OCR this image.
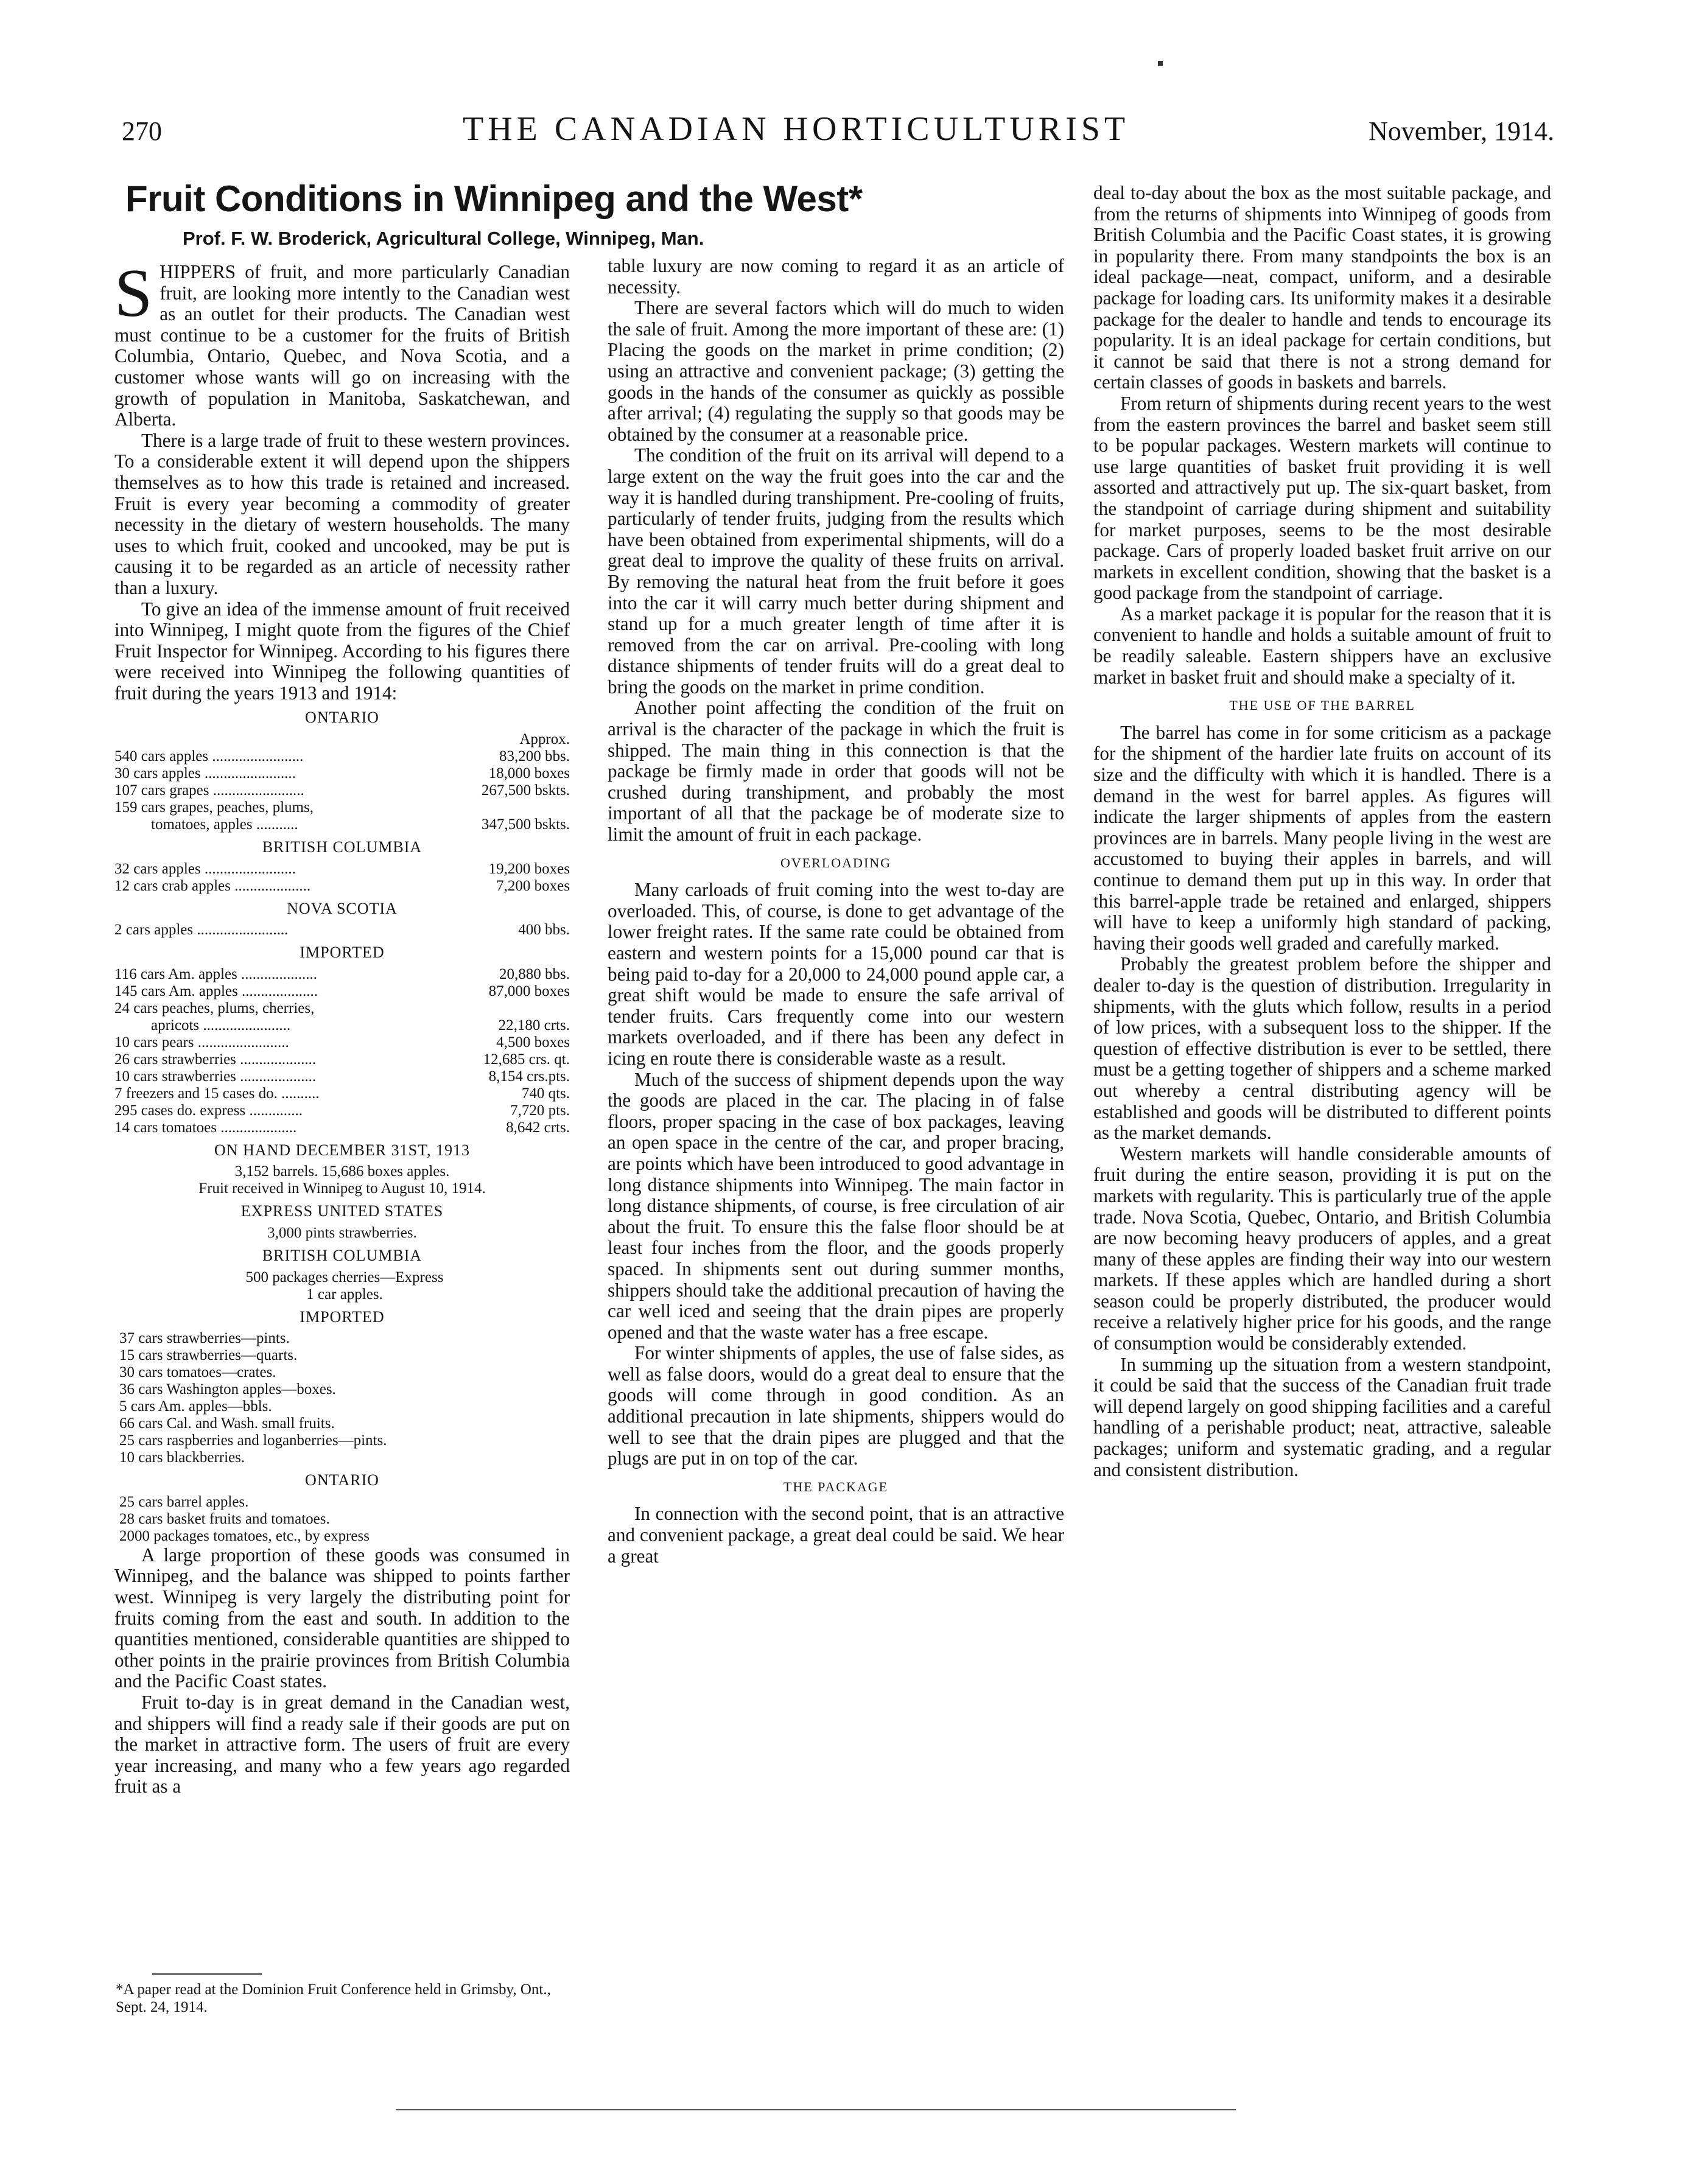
270	THE CANADIAN HORTICULTURIST	November, 1914.
Fruit Conditions in Winnipeg and the West*
Prof. F. W. Broderick, Agricultural College, Winnipeg, Man.

SHIPPERS of fruit, and more particularly Canadian fruit, are looking more intently to the Canadian west as an outlet for their products. The Canadian west must continue to be a customer for the fruits of British Columbia, Ontario, Quebec, and Nova Scotia, and a customer whose wants will go on increasing with the growth of population in Manitoba, Saskatchewan, and Alberta.

There is a large trade of fruit to these western provinces. To a considerable extent it will depend upon the shippers themselves as to how this trade is retained and increased. Fruit is every year becoming a commodity of greater necessity in the dietary of western households. The many uses to which fruit, cooked and uncooked, may be put is causing it to be regarded as an article of necessity rather than a luxury.

To give an idea of the immense amount of fruit received into Winnipeg, I might quote from the figures of the Chief Fruit Inspector for Winnipeg. According to his figures there were received into Winnipeg the following quantities of fruit during the years 1913 and 1914:

ONTARIO
	Approx.
540 cars apples ........................	83,200 bbs.
30 cars apples ........................	18,000 boxes
107 cars grapes ........................	267,500 bskts.
159 cars grapes, peaches, plums,	
tomatoes, apples ...........	347,500 bskts.
BRITISH COLUMBIA
32 cars apples ........................	19,200 boxes
12 cars crab apples ....................	7,200 boxes
NOVA SCOTIA
2 cars apples ........................	400 bbs.
IMPORTED
116 cars Am. apples ....................	20,880 bbs.
145 cars Am. apples ....................	87,000 boxes
24 cars peaches, plums, cherries,	
apricots .......................	22,180 crts.
10 cars pears ........................	4,500 boxes
26 cars strawberries ....................	12,685 crs. qt.
10 cars strawberries ....................	8,154 crs.pts.
7 freezers and 15 cases do. ..........	740 qts.
295 cases do. express ..............	7,720 pts.
14 cars tomatoes ....................	8,642 crts.
ON HAND DECEMBER 31ST, 1913
3,152 barrels. 15,686 boxes apples.
Fruit received in Winnipeg to August 10, 1914.
EXPRESS UNITED STATES
3,000 pints strawberries.
BRITISH COLUMBIA
500 packages cherries—Express
1 car apples.
IMPORTED
37 cars strawberries—pints.
15 cars strawberries—quarts.
30 cars tomatoes—crates.
36 cars Washington apples—boxes.
5 cars Am. apples—bbls.
66 cars Cal. and Wash. small fruits.
25 cars raspberries and loganberries—pints.
10 cars blackberries.
ONTARIO
25 cars barrel apples.
28 cars basket fruits and tomatoes.
2000 packages tomatoes, etc., by express

A large proportion of these goods was consumed in Winnipeg, and the balance was shipped to points farther west. Winnipeg is very largely the distributing point for fruits coming from the east and south. In addition to the quantities mentioned, considerable quantities are shipped to other points in the prairie provinces from British Columbia and the Pacific Coast states.

Fruit to-day is in great demand in the Canadian west, and shippers will find a ready sale if their goods are put on the market in attractive form. The users of fruit are every year increasing, and many who a few years ago regarded fruit as a

*A paper read at the Dominion Fruit Conference held in Grimsby, Ont., Sept. 24, 1914.

table luxury are now coming to regard it as an article of necessity.

There are several factors which will do much to widen the sale of fruit. Among the more important of these are: (1) Placing the goods on the market in prime condition; (2) using an attractive and convenient package; (3) getting the goods in the hands of the consumer as quickly as possible after arrival; (4) regulating the supply so that goods may be obtained by the consumer at a reasonable price.

The condition of the fruit on its arrival will depend to a large extent on the way the fruit goes into the car and the way it is handled during transhipment. Pre-cooling of fruits, particularly of tender fruits, judging from the results which have been obtained from experimental shipments, will do a great deal to improve the quality of these fruits on arrival. By removing the natural heat from the fruit before it goes into the car it will carry much better during shipment and stand up for a much greater length of time after it is removed from the car on arrival. Pre-cooling with long distance shipments of tender fruits will do a great deal to bring the goods on the market in prime condition.

Another point affecting the condition of the fruit on arrival is the character of the package in which the fruit is shipped. The main thing in this connection is that the package be firmly made in order that goods will not be crushed during transhipment, and probably the most important of all that the package be of moderate size to limit the amount of fruit in each package.

OVERLOADING

Many carloads of fruit coming into the west to-day are overloaded. This, of course, is done to get advantage of the lower freight rates. If the same rate could be obtained from eastern and western points for a 15,000 pound car that is being paid to-day for a 20,000 to 24,000 pound apple car, a great shift would be made to ensure the safe arrival of tender fruits. Cars frequently come into our western markets overloaded, and if there has been any defect in icing en route there is considerable waste as a result.

Much of the success of shipment depends upon the way the goods are placed in the car. The placing in of false floors, proper spacing in the case of box packages, leaving an open space in the centre of the car, and proper bracing, are points which have been introduced to good advantage in long distance shipments into Winnipeg. The main factor in long distance shipments, of course, is free circulation of air about the fruit. To ensure this the false floor should be at least four inches from the floor, and the goods properly spaced. In shipments sent out during summer months, shippers should take the additional precaution of having the car well iced and seeing that the drain pipes are properly opened and that the waste water has a free escape.

For winter shipments of apples, the use of false sides, as well as false doors, would do a great deal to ensure that the goods will come through in good condition. As an additional precaution in late shipments, shippers would do well to see that the drain pipes are plugged and that the plugs are put in on top of the car.

THE PACKAGE

In connection with the second point, that is an attractive and convenient package, a great deal could be said. We hear a great

deal to-day about the box as the most suitable package, and from the returns of shipments into Winnipeg of goods from British Columbia and the Pacific Coast states, it is growing in popularity there. From many standpoints the box is an ideal package—neat, compact, uniform, and a desirable package for loading cars. Its uniformity makes it a desirable package for the dealer to handle and tends to encourage its popularity. It is an ideal package for certain conditions, but it cannot be said that there is not a strong demand for certain classes of goods in baskets and barrels.

From return of shipments during recent years to the west from the eastern provinces the barrel and basket seem still to be popular packages. Western markets will continue to use large quantities of basket fruit providing it is well assorted and attractively put up. The six-quart basket, from the standpoint of carriage during shipment and suitability for market purposes, seems to be the most desirable package. Cars of properly loaded basket fruit arrive on our markets in excellent condition, showing that the basket is a good package from the standpoint of carriage.

As a market package it is popular for the reason that it is convenient to handle and holds a suitable amount of fruit to be readily saleable. Eastern shippers have an exclusive market in basket fruit and should make a specialty of it.

THE USE OF THE BARREL

The barrel has come in for some criticism as a package for the shipment of the hardier late fruits on account of its size and the difficulty with which it is handled. There is a demand in the west for barrel apples. As figures will indicate the larger shipments of apples from the eastern provinces are in barrels. Many people living in the west are accustomed to buying their apples in barrels, and will continue to demand them put up in this way. In order that this barrel-apple trade be retained and enlarged, shippers will have to keep a uniformly high standard of packing, having their goods well graded and carefully marked.

Probably the greatest problem before the shipper and dealer to-day is the question of distribution. Irregularity in shipments, with the gluts which follow, results in a period of low prices, with a subsequent loss to the shipper. If the question of effective distribution is ever to be settled, there must be a getting together of shippers and a scheme marked out whereby a central distributing agency will be established and goods will be distributed to different points as the market demands.

Western markets will handle considerable amounts of fruit during the entire season, providing it is put on the markets with regularity. This is particularly true of the apple trade. Nova Scotia, Quebec, Ontario, and British Columbia are now becoming heavy producers of apples, and a great many of these apples are finding their way into our western markets. If these apples which are handled during a short season could be properly distributed, the producer would receive a relatively higher price for his goods, and the range of consumption would be considerably extended.

In summing up the situation from a western standpoint, it could be said that the success of the Canadian fruit trade will depend largely on good shipping facilities and a careful handling of a perishable product; neat, attractive, saleable packages; uniform and systematic grading, and a regular and consistent distribution.
